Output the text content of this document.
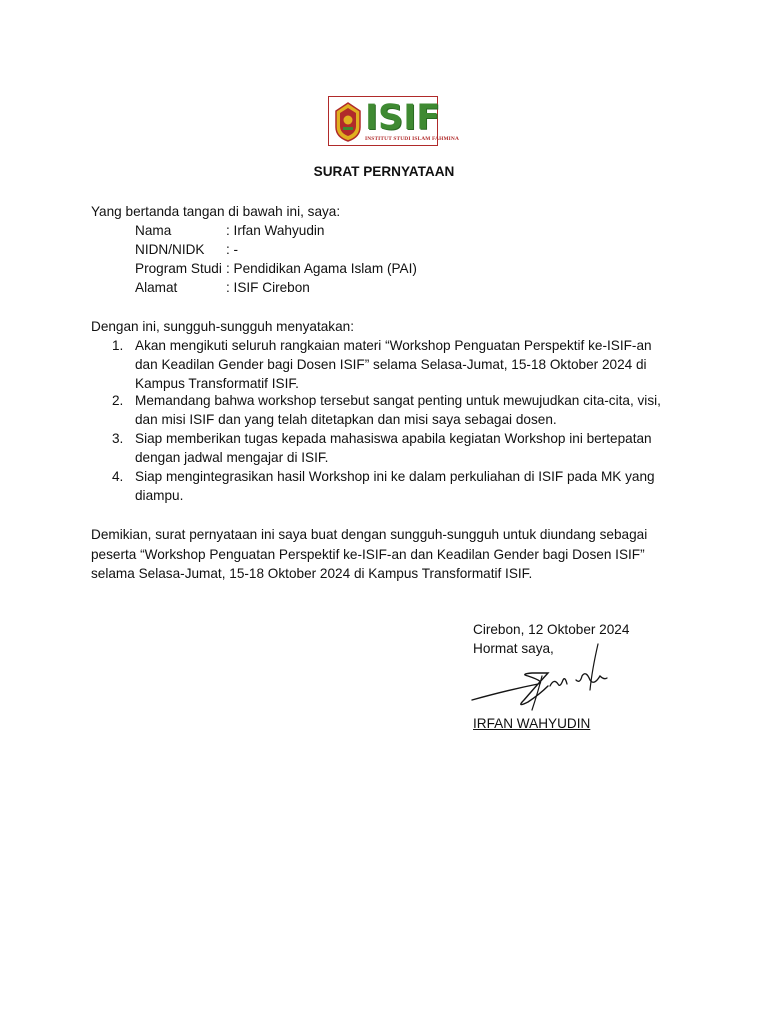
ISIF
INSTITUT STUDI ISLAM FAHMINA
SURAT PERNYATAAN
Yang bertanda tangan di bawah ini, saya:
Nama	: Irfan Wahyudin
NIDN/NIDK : -
Program Studi : Pendidikan Agama Islam (PAI)
Alamat	: ISIF Cirebon
Dengan ini, sungguh-sungguh menyatakan:
1. Akan mengikuti seluruh rangkaian materi “Workshop Penguatan Perspektif ke-ISIF-an
dan Keadilan Gender bagi Dosen ISIF” selama Selasa-Jumat, 15-18 Oktober 2024 di
Kampus Transformatif ISIF.
2. Memandang bahwa workshop tersebut sangat penting untuk mewujudkan cita-cita, visi,
dan misi ISIF dan yang telah ditetapkan dan misi saya sebagai dosen.
3. Siap memberikan tugas kepada mahasiswa apabila kegiatan Workshop ini bertepatan
dengan jadwal mengajar di ISIF.
4. Siap mengintegrasikan hasil Workshop ini ke dalam perkuliahan di ISIF pada MK yang
diampu.
Demikian, surat pernyataan ini saya buat dengan sungguh-sungguh untuk diundang sebagai
peserta “Workshop Penguatan Perspektif ke-ISIF-an dan Keadilan Gender bagi Dosen ISIF”
selama Selasa-Jumat, 15-18 Oktober 2024 di Kampus Transformatif ISIF.
Cirebon, 12 Oktober 2024
Hormat saya,
IRFAN WAHYUDIN
